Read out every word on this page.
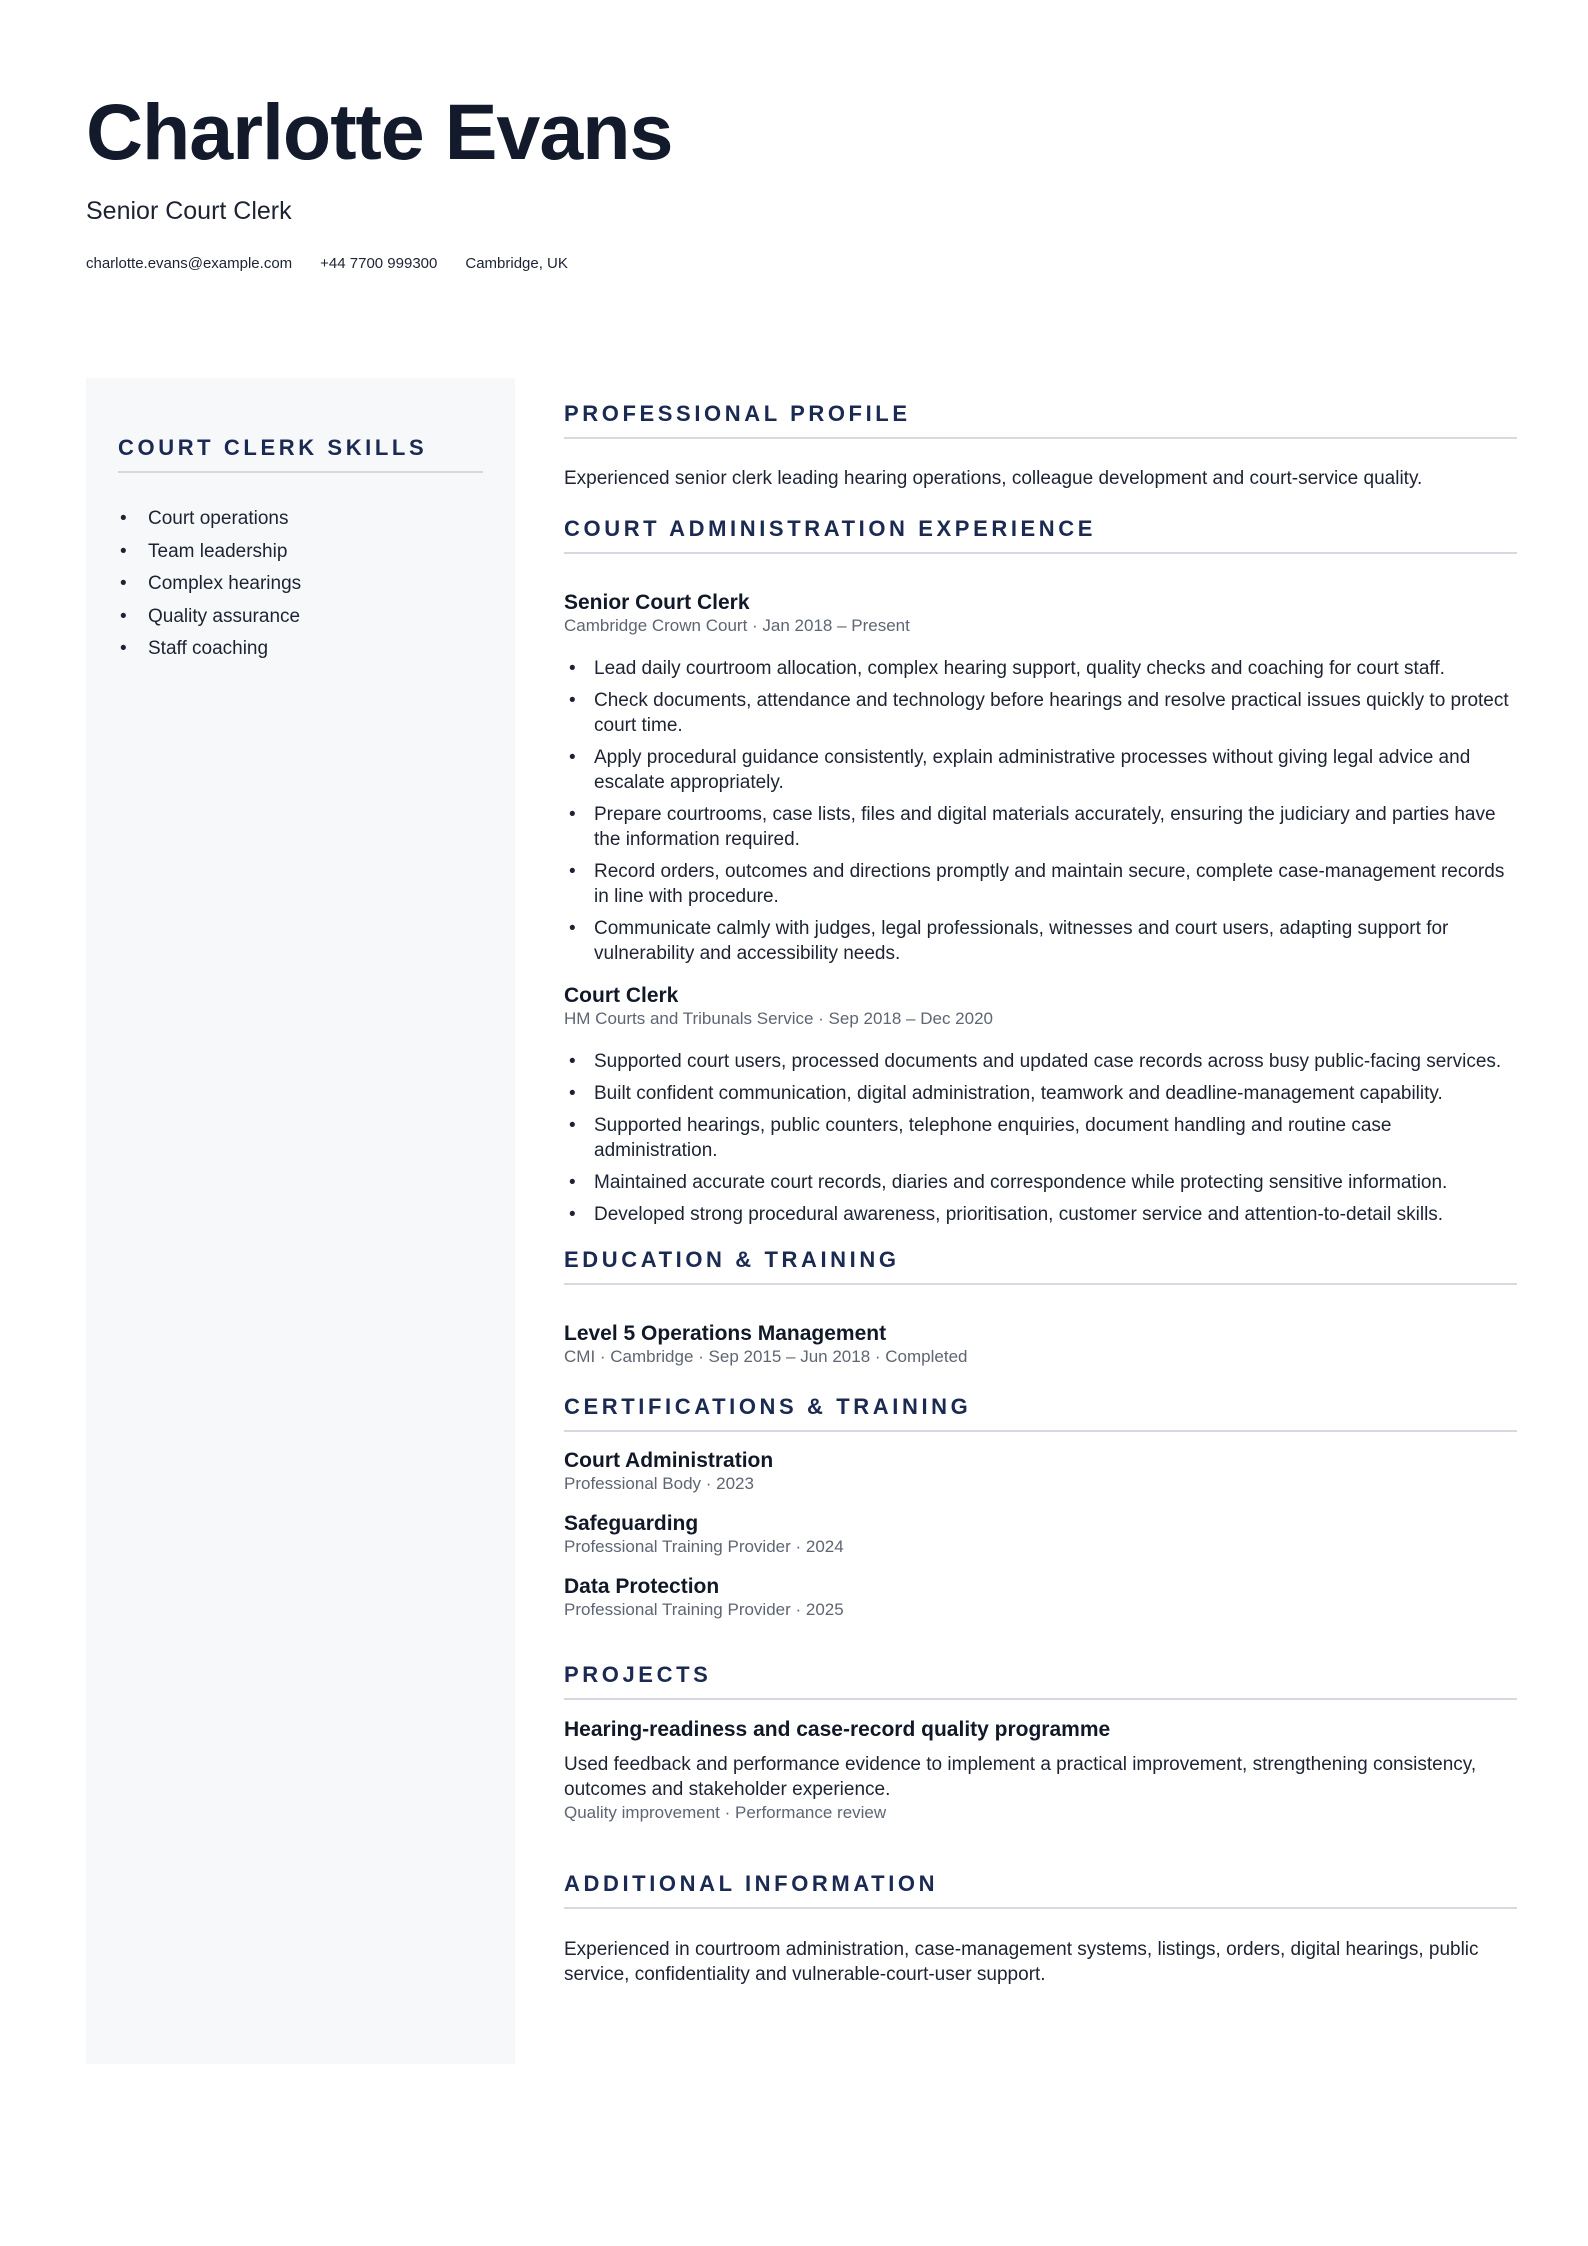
Charlotte Evans

Senior Court Clerk

charlotte.evans@example.com +44 7700 999300 Cambridge, UK
COURT CLERK SKILLS
• Court operations
• Team leadership
• Complex hearings
• Quality assurance
• Staff coaching
PROFESSIONAL PROFILE

Experienced senior clerk leading hearing operations, colleague development and court-service quality.

COURT ADMINISTRATION EXPERIENCE

Senior Court Clerk

Cambridge Crown Court · Jan 2018 – Present

• Lead daily courtroom allocation, complex hearing support, quality checks and coaching for court staff.
• Check documents, attendance and technology before hearings and resolve practical issues quickly to protect court time.
• Apply procedural guidance consistently, explain administrative processes without giving legal advice and escalate appropriately.
• Prepare courtrooms, case lists, files and digital materials accurately, ensuring the judiciary and parties have the information required.
• Record orders, outcomes and directions promptly and maintain secure, complete case-management records in line with procedure.
• Communicate calmly with judges, legal professionals, witnesses and court users, adapting support for vulnerability and accessibility needs.

Court Clerk

HM Courts and Tribunals Service · Sep 2018 – Dec 2020

• Supported court users, processed documents and updated case records across busy public-facing services.
• Built confident communication, digital administration, teamwork and deadline-management capability.
• Supported hearings, public counters, telephone enquiries, document handling and routine case administration.
• Maintained accurate court records, diaries and correspondence while protecting sensitive information.
• Developed strong procedural awareness, prioritisation, customer service and attention-to-detail skills.
EDUCATION & TRAINING

Level 5 Operations Management

CMI · Cambridge · Sep 2015 – Jun 2018 · Completed

CERTIFICATIONS & TRAINING

Court Administration

Professional Body · 2023

Safeguarding

Professional Training Provider · 2024

Data Protection

Professional Training Provider · 2025

PROJECTS

Hearing-readiness and case-record quality programme

Used feedback and performance evidence to implement a practical improvement, strengthening consistency, outcomes and stakeholder experience.

Quality improvement · Performance review

ADDITIONAL INFORMATION

Experienced in courtroom administration, case-management systems, listings, orders, digital hearings, public service, confidentiality and vulnerable-court-user support.
